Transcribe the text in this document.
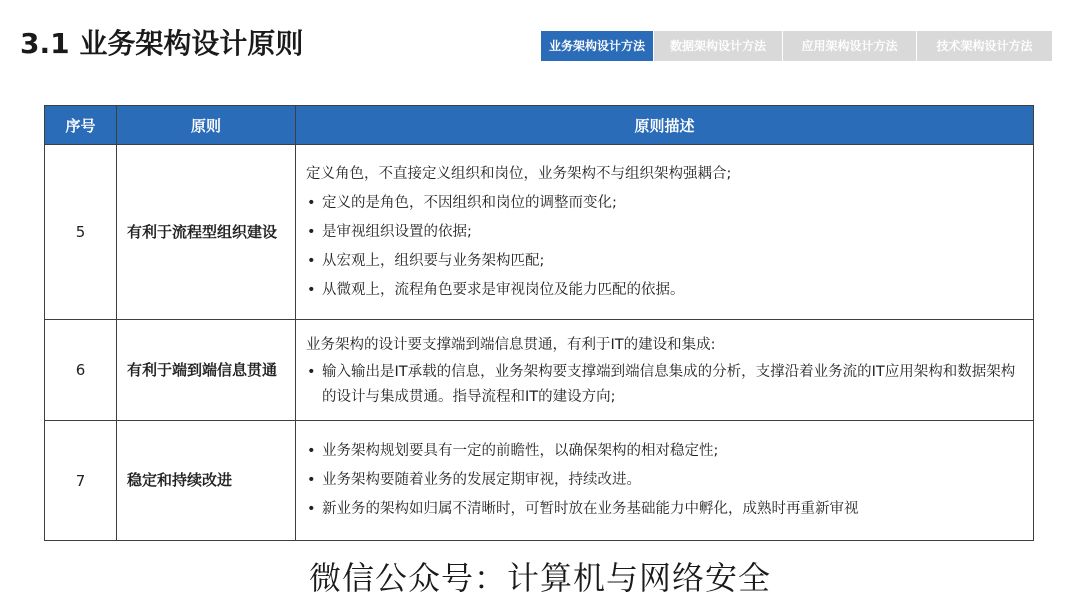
3.1 业务架构设计原则	业务架构设计方法	数据架构设计方法	应用架构设计方法	技术架构设计方法
序号	原则	原则描述
5	有利于流程型组织建设	定义角色，不直接定义组织和岗位，业务架构不与组织架构强耦合;
• 定义的是角色，不因组织和岗位的调整而变化;
• 是审视组织设置的依据;
• 从宏观上，组织要与业务架构匹配;
• 从微观上，流程角色要求是审视岗位及能力匹配的依据。

6	有利于端到端信息贯通	业务架构的设计要支撑端到端信息贯通，有利于IT的建设和集成:
• 输入输出是IT承载的信息，业务架构要支撑端到端信息集成的分析，支撑沿着业务流的IT应用架构和数据架构的设计与集成贯通。指导流程和IT的建设方向;

7	稳定和持续改进	• 业务架构规划要具有一定的前瞻性，以确保架构的相对稳定性;
• 业务架构要随着业务的发展定期审视，持续改进。
• 新业务的架构如归属不清晰时，可暂时放在业务基础能力中孵化，成熟时再重新审视
微信公众号：计算机与网络安全
